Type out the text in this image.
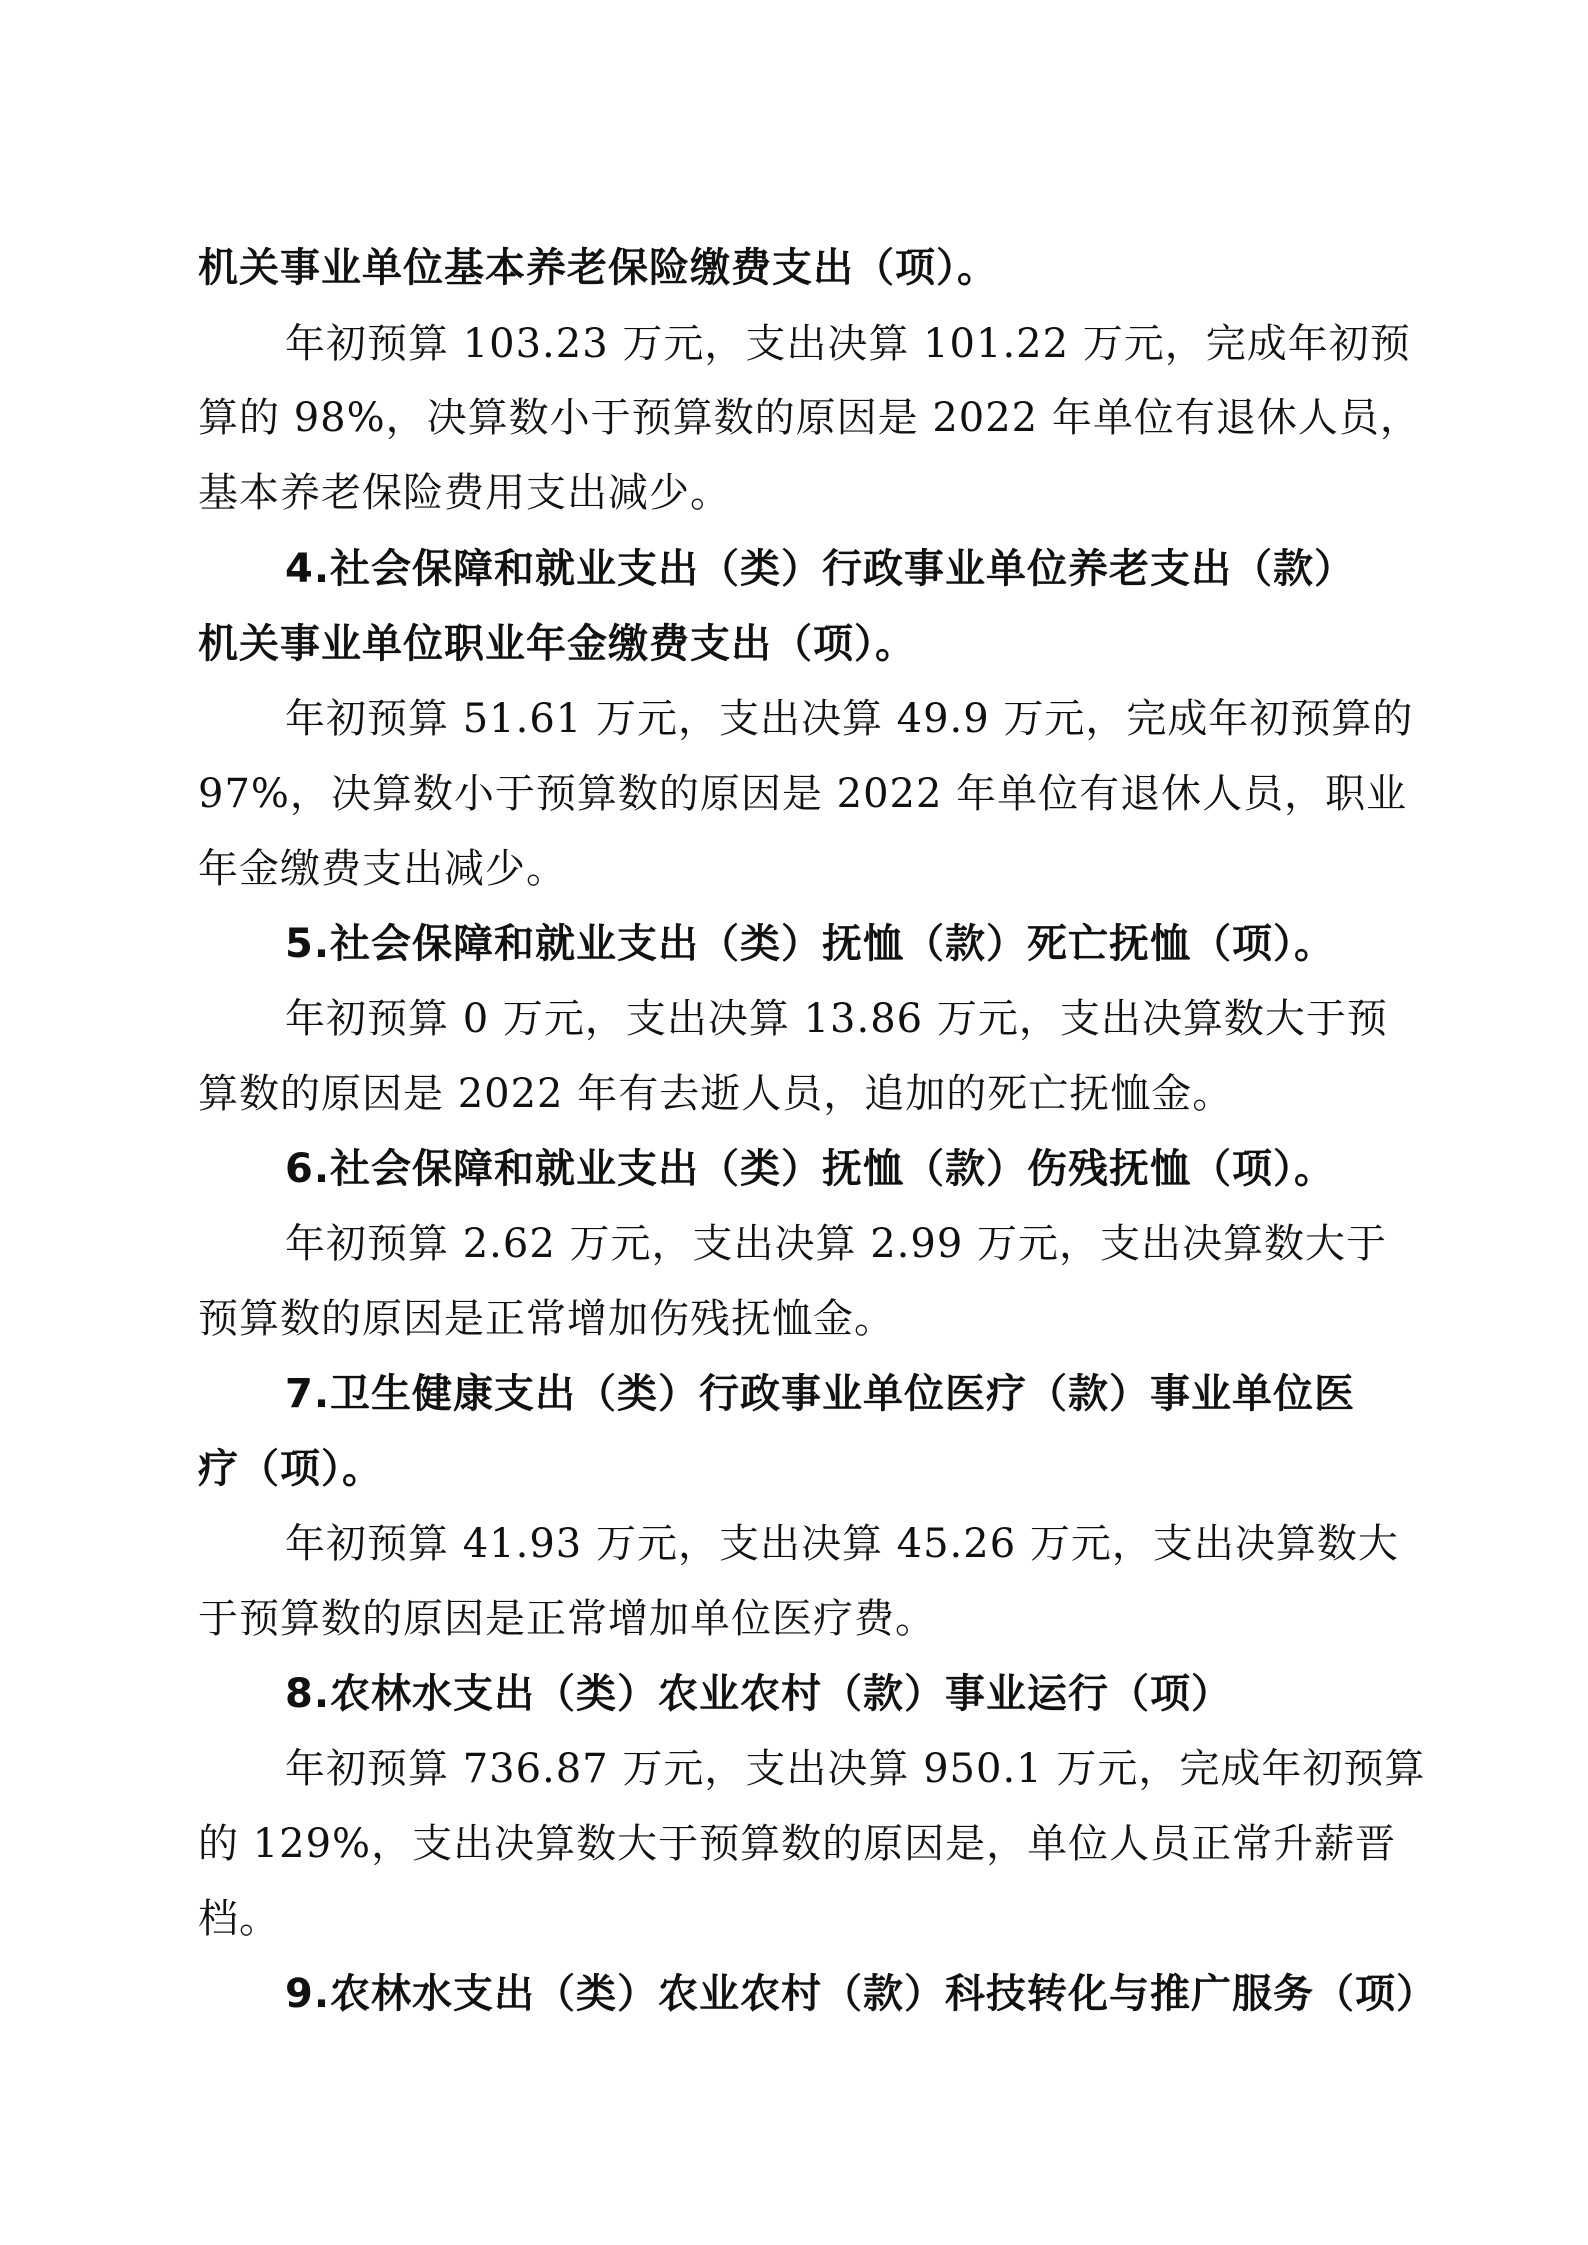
机关事业单位基本养老保险缴费支出（项）。
年初预算 103.23 万元，支出决算 101.22 万元，完成年初预
算的 98%，决算数小于预算数的原因是 2022 年单位有退休人员，
基本养老保险费用支出减少。
4.社会保障和就业支出（类）行政事业单位养老支出（款）
机关事业单位职业年金缴费支出（项）。
年初预算 51.61 万元，支出决算 49.9 万元，完成年初预算的
97%，决算数小于预算数的原因是 2022 年单位有退休人员，职业
年金缴费支出减少。
5.社会保障和就业支出（类）抚恤（款）死亡抚恤（项）。
年初预算 0 万元，支出决算 13.86 万元，支出决算数大于预
算数的原因是 2022 年有去逝人员，追加的死亡抚恤金。
6.社会保障和就业支出（类）抚恤（款）伤残抚恤（项）。
年初预算 2.62 万元，支出决算 2.99 万元，支出决算数大于
预算数的原因是正常增加伤残抚恤金。
7.卫生健康支出（类）行政事业单位医疗（款）事业单位医
疗（项）。
年初预算 41.93 万元，支出决算 45.26 万元，支出决算数大
于预算数的原因是正常增加单位医疗费。
8.农林水支出（类）农业农村（款）事业运行（项）
年初预算 736.87 万元，支出决算 950.1 万元，完成年初预算
的 129%，支出决算数大于预算数的原因是，单位人员正常升薪晋
档。
9.农林水支出（类）农业农村（款）科技转化与推广服务（项）
